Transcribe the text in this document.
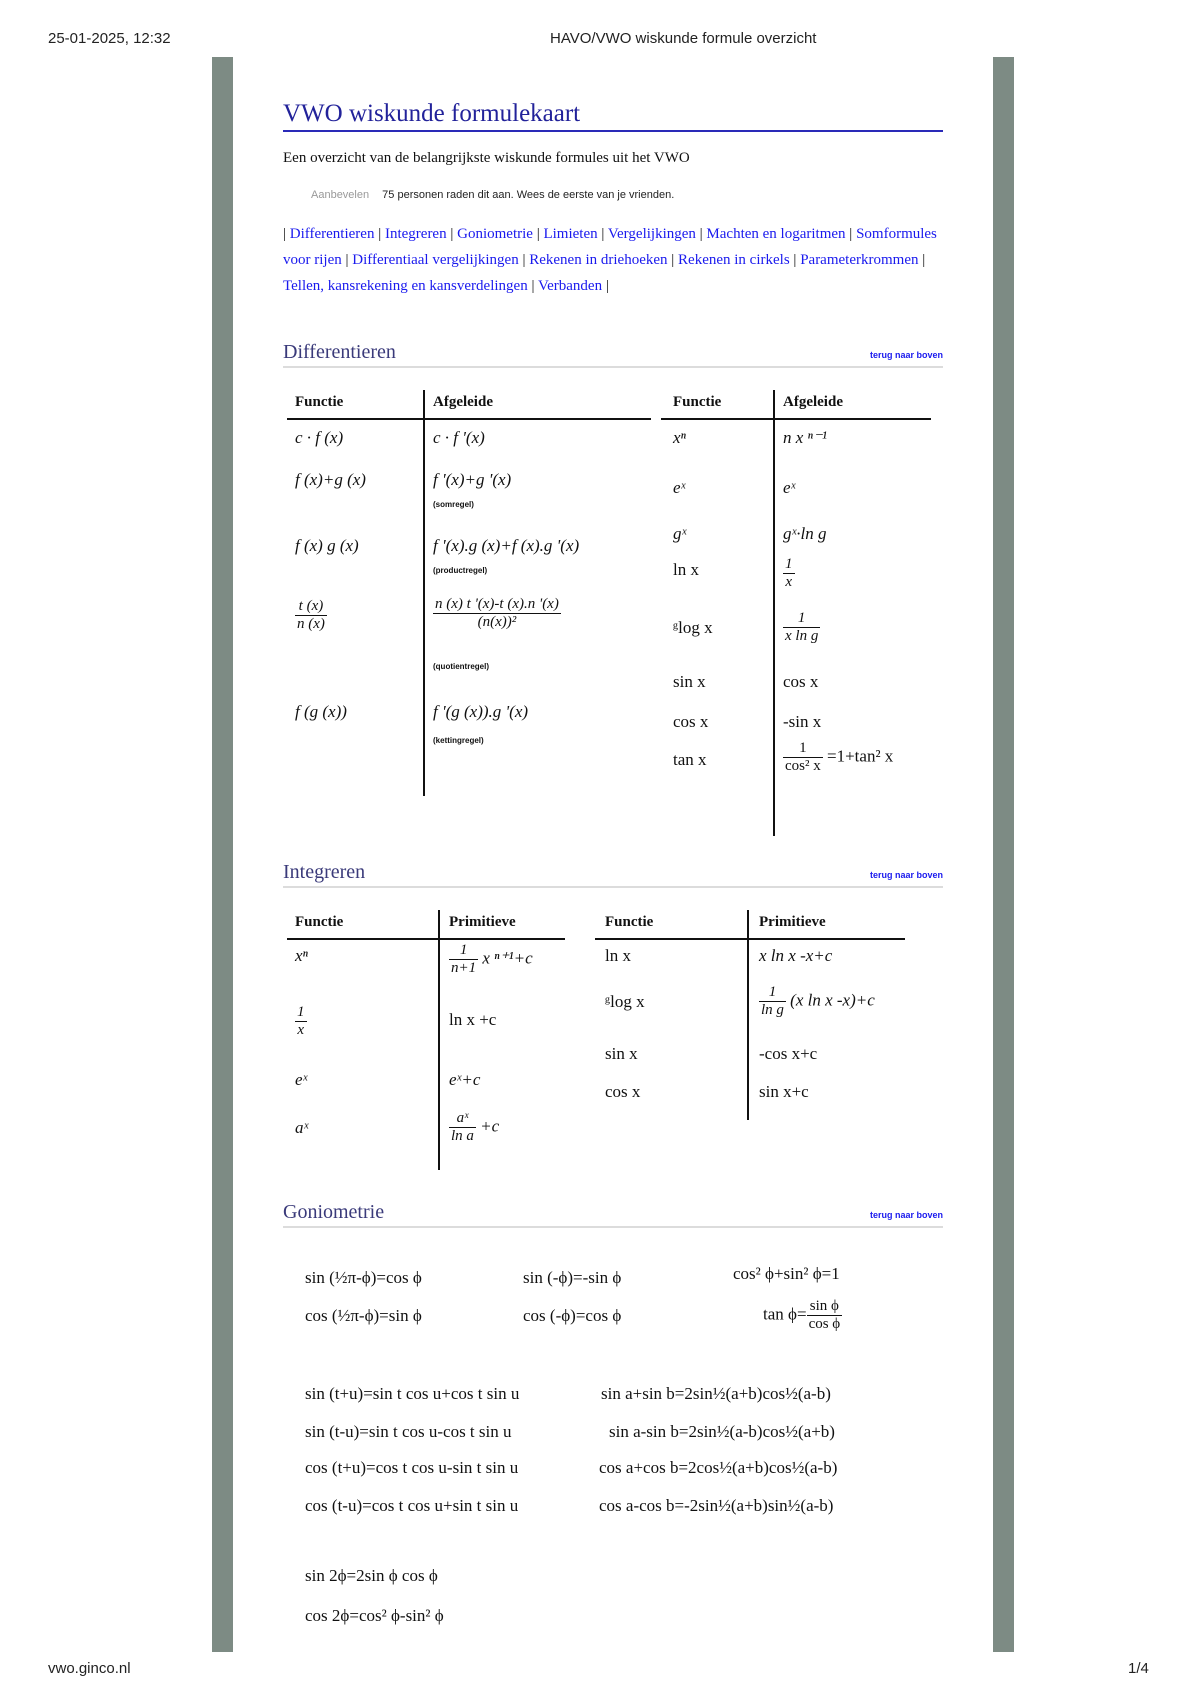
25-01-2025, 12:32	HAVO/VWO wiskunde formule overzicht
vwo.ginco.nl	1/4
VWO wiskunde formulekaart
Een overzicht van de belangrijkste wiskunde formules uit het VWO
Aanbevelen 75 personen raden dit aan. Wees de eerste van je vrienden.
| Differentieren | Integreren | Goniometrie | Limieten | Vergelijkingen | Machten en logaritmen | Somformules voor rijen | Differentiaal vergelijkingen | Rekenen in driehoeken | Rekenen in cirkels | Parameterkrommen | Tellen, kansrekening en kansverdelingen | Verbanden |
Differentieren	terug naar boven
Functie	Afgeleide	Functie	Afgeleide
c · f (x)	c · f '(x)
f (x)+g (x)	f '(x)+g '(x)
(somregel)
f (x) g (x)	f '(x).g (x)+f (x).g '(x)
(productregel)
$\frac{t (x)}{n (x)}$	$\frac{n (x) t '(x)-t (x).n '(x)}{\text{(n(x))²}}$
(quotientregel)
f (g (x))	f '(g (x)).g '(x)
(kettingregel)
xⁿ	n x ⁿ⁻¹
eˣ	eˣ
gˣ	gˣ·ln g
ln x	$\frac{1}{x}$
ᵍlog x	$\frac{1}{\text{x ln g}}$
sin x	cos x
cos x	-sin x
tan x	$\frac{1}{\text{cos² x}} =1+\tan^2$ x
Integreren	terug naar boven
Functie	Primitieve	Functie	Primitieve
xⁿ	$\frac{1}{n+1}$ x ⁿ⁺¹+c
$\frac{1}{x}$	ln x +c
eˣ	eˣ+c
aˣ	$\frac{\text{aˣ}}{\text{ln a}} +c$
ln x	x ln x -x+c
ᵍlog x	$\frac{1}{\text{ln g}} (x$ ln x -x)+c
sin x	-cos x+c
cos x	sin x+c
Goniometrie	terug naar boven
sin (½π-ϕ)=cos ϕ	sin (-ϕ)=-sin ϕ	cos² ϕ+sin² ϕ=1
cos (½π-ϕ)=sin ϕ	cos (-ϕ)=cos ϕ	$\tan \phi= \frac{\text{sin ϕ}}{\text{cos ϕ}}$
sin (t+u)=sin t cos u+cos t sin u
sin (t-u)=sin t cos u-cos t sin u
cos (t+u)=cos t cos u-sin t sin u
cos (t-u)=cos t cos u+sin t sin u
sin a+sin b=2sin½(a+b)cos½(a-b)
sin a-sin b=2sin½(a-b)cos½(a+b)
cos a+cos b=2cos½(a+b)cos½(a-b)
cos a-cos b=-2sin½(a+b)sin½(a-b)
sin 2ϕ=2sin ϕ cos ϕ
cos 2ϕ=cos² ϕ-sin² ϕ
